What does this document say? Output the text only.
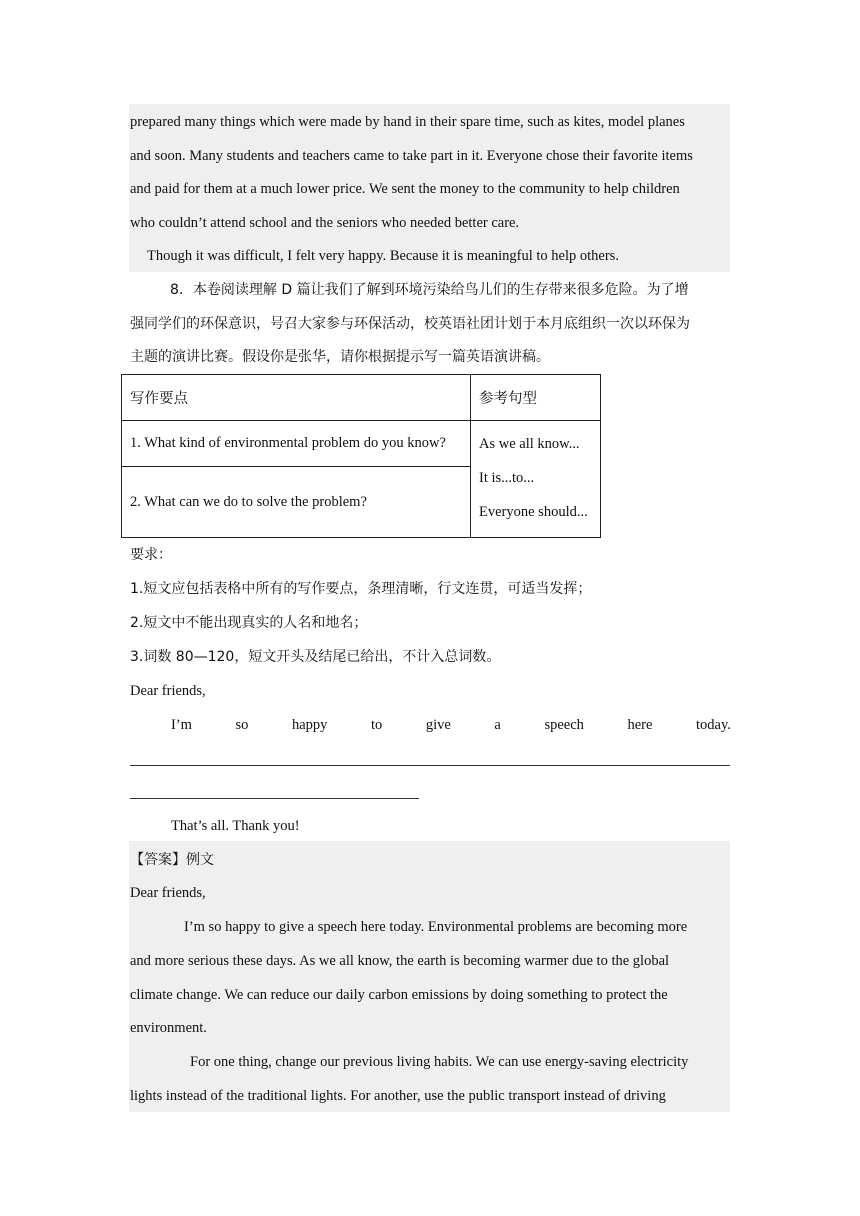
prepared many things which were made by hand in their spare time, such as kites, model planes
and soon. Many students and teachers came to take part in it. Everyone chose their favorite items
and paid for them at a much lower price. We sent the money to the community to help children
who couldn’t attend school and the seniors who needed better care.
Though it was difficult, I felt very happy. Because it is meaningful to help others.
8．本卷阅读理解 D 篇让我们了解到环境污染给鸟儿们的生存带来很多危险。为了增
强同学们的环保意识，号召大家参与环保活动，校英语社团计划于本月底组织一次以环保为
主题的演讲比赛。假设你是张华，请你根据提示写一篇英语演讲稿。
写作要点	参考句型
1. What kind of environmental problem do you know?	As we all know...
It is...to...
Everyone should...

2. What can we do to solve the problem?	
要求：
1.短文应包括表格中所有的写作要点，条理清晰，行文连贯，可适当发挥；
2.短文中不能出现真实的人名和地名；
3.词数 80—120，短文开头及结尾已给出，不计入总词数。
Dear friends,
I’m	so	happy	to	give	a	speech	here	today.
That’s all. Thank you!
【答案】例文
Dear friends,
I’m so happy to give a speech here today. Environmental problems are becoming more
and more serious these days. As we all know, the earth is becoming warmer due to the global
climate change. We can reduce our daily carbon emissions by doing something to protect the
environment.
For one thing, change our previous living habits. We can use energy-saving electricity
lights instead of the traditional lights. For another, use the public transport instead of driving
